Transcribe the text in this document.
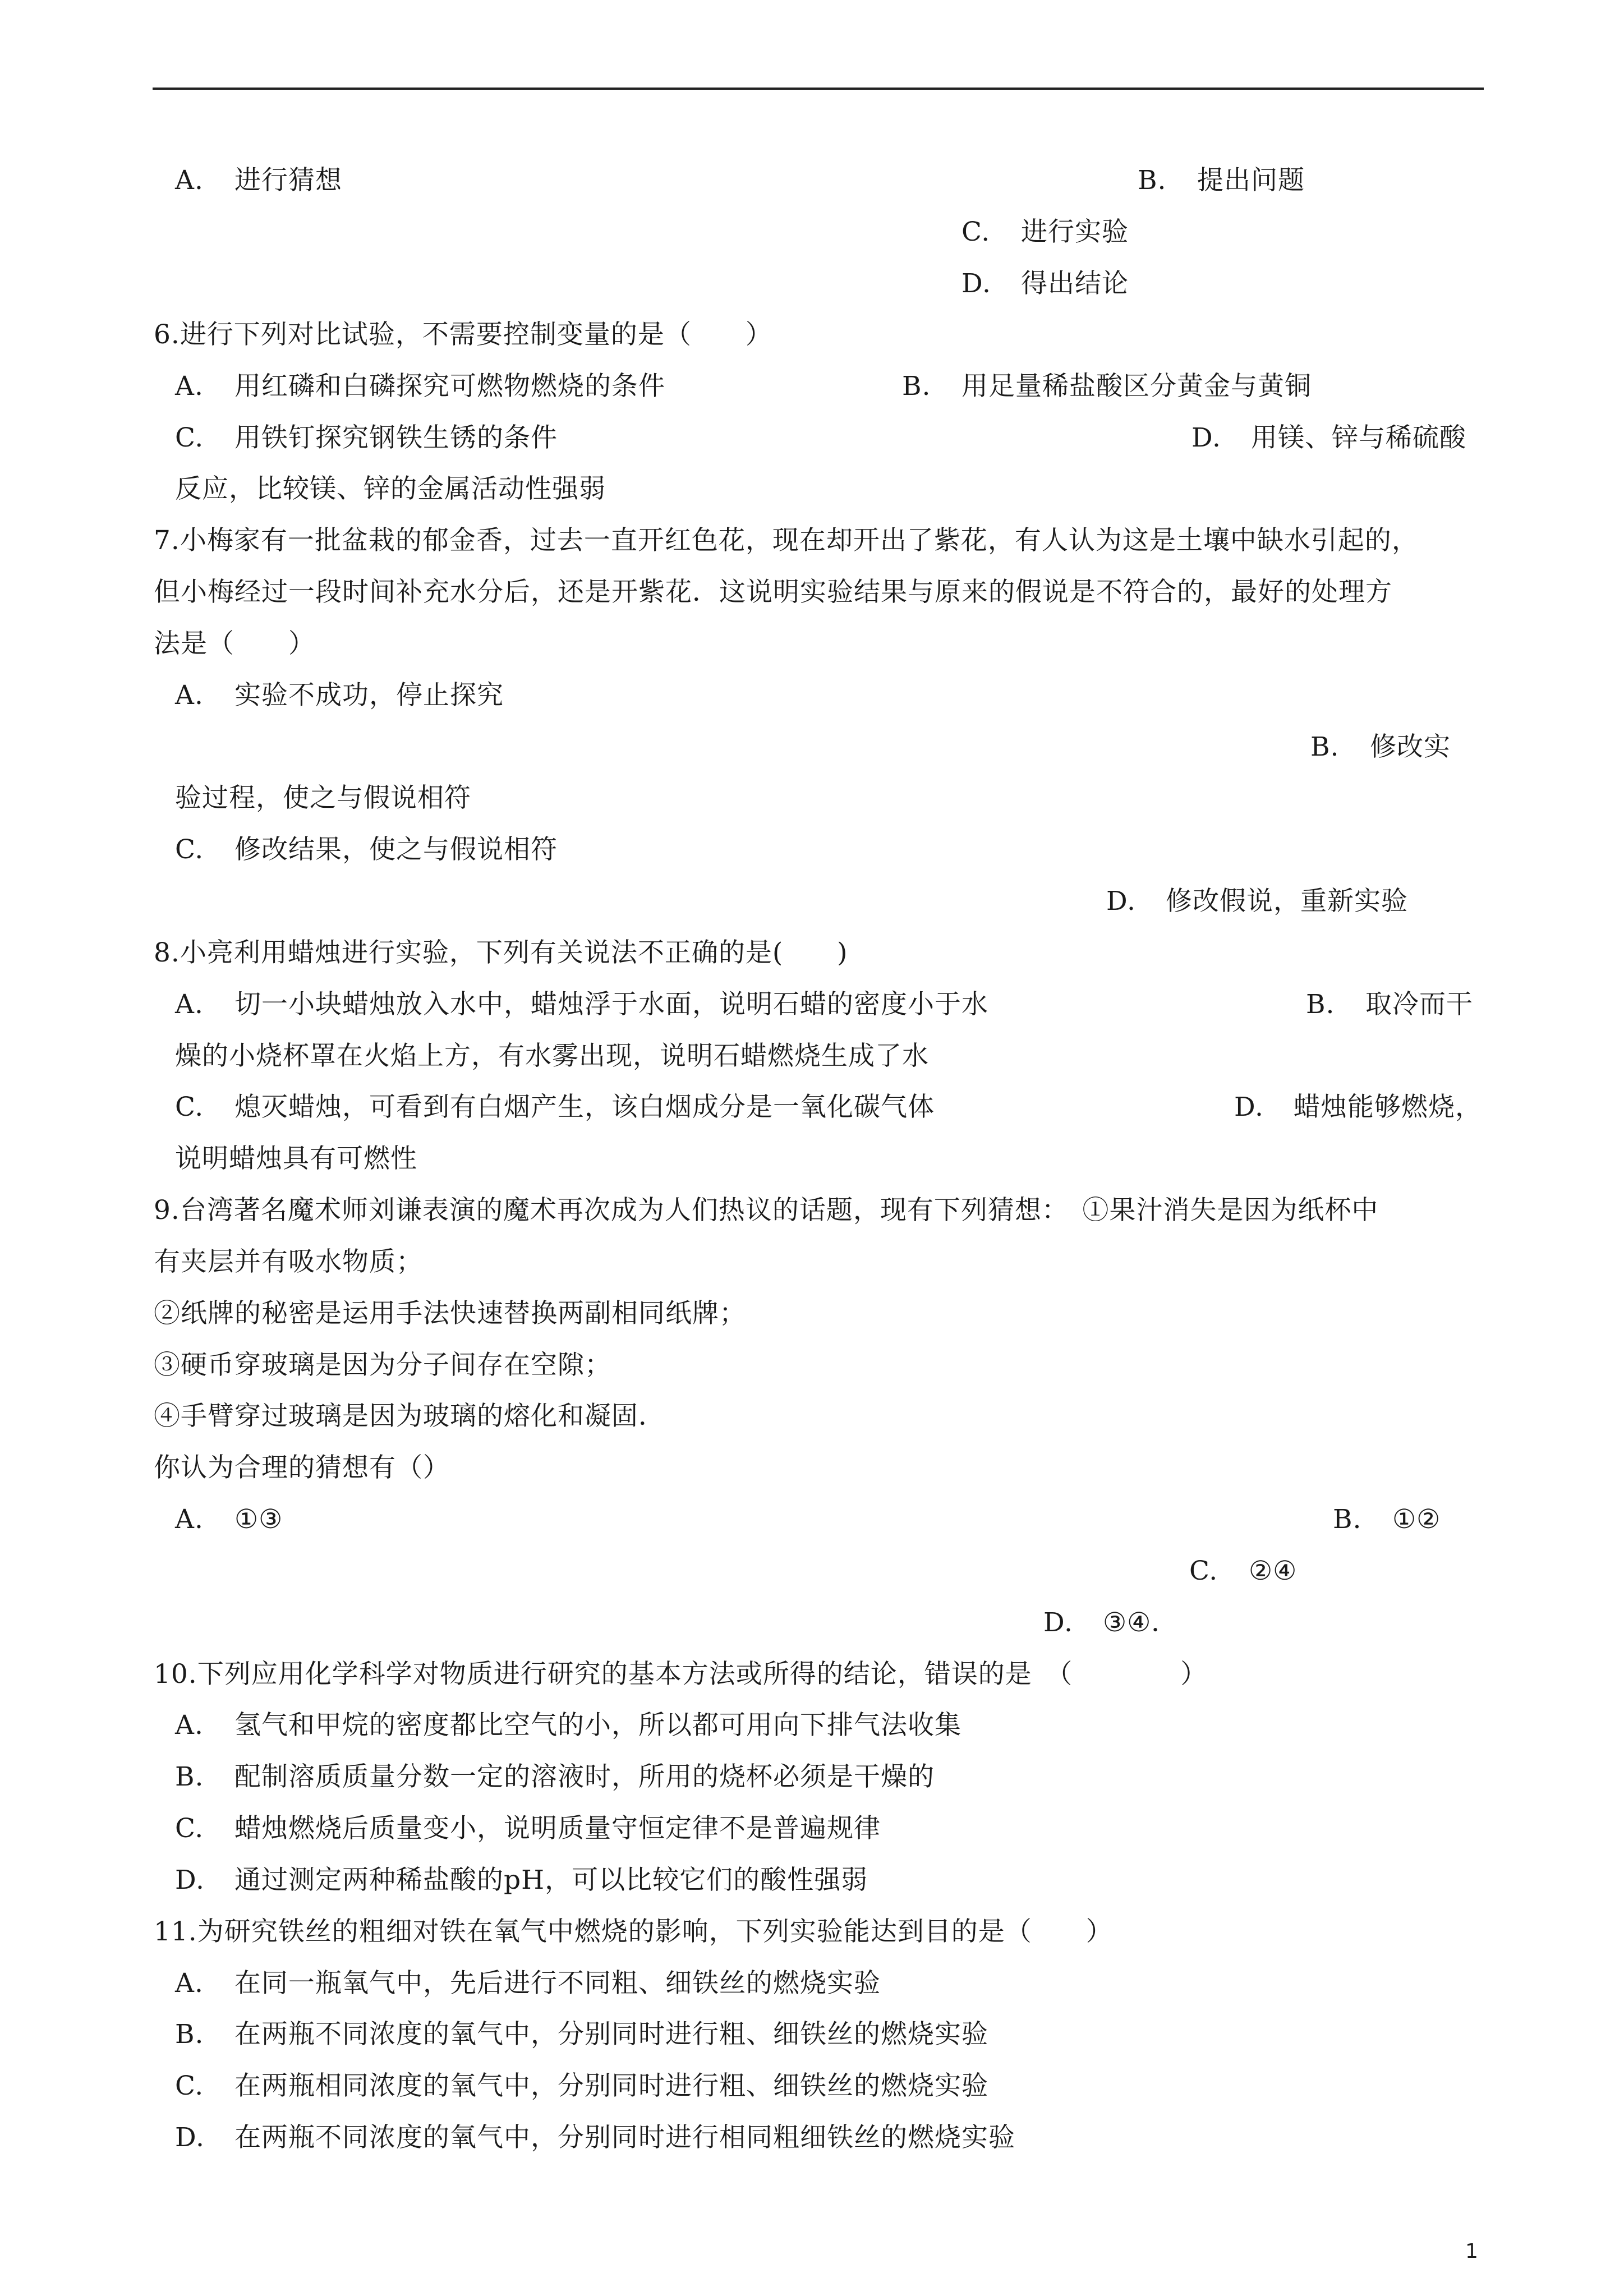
A. 进行猜想	B. 提出问题

C. 进行实验

D. 得出结论

6.进行下列对比试验，不需要控制变量的是（　　）

A. 用红磷和白磷探究可燃物燃烧的条件	B. 用足量稀盐酸区分黄金与黄铜

C. 用铁钉探究钢铁生锈的条件	D. 用镁、锌与稀硫酸

反应，比较镁、锌的金属活动性强弱

7.小梅家有一批盆栽的郁金香，过去一直开红色花，现在却开出了紫花，有人认为这是土壤中缺水引起的，

但小梅经过一段时间补充水分后，还是开紫花．这说明实验结果与原来的假说是不符合的，最好的处理方

法是（　　）

A. 实验不成功，停止探究

B. 修改实

验过程，使之与假说相符

C. 修改结果，使之与假说相符

D. 修改假说，重新实验

8.小亮利用蜡烛进行实验，下列有关说法不正确的是(　　)

A. 切一小块蜡烛放入水中，蜡烛浮于水面，说明石蜡的密度小于水	B. 取冷而干

燥的小烧杯罩在火焰上方，有水雾出现，说明石蜡燃烧生成了水

C. 熄灭蜡烛，可看到有白烟产生，该白烟成分是一氧化碳气体	D. 蜡烛能够燃烧，

说明蜡烛具有可燃性

9.台湾著名魔术师刘谦表演的魔术再次成为人们热议的话题，现有下列猜想：　①果汁消失是因为纸杯中

有夹层并有吸水物质；

②纸牌的秘密是运用手法快速替换两副相同纸牌；

③硬币穿玻璃是因为分子间存在空隙；

④手臂穿过玻璃是因为玻璃的熔化和凝固．

你认为合理的猜想有（）

A. ①③	B. ①②

C. ②④

D. ③④．

10.下列应用化学科学对物质进行研究的基本方法或所得的结论，错误的是　（　　　　）

A. 氢气和甲烷的密度都比空气的小，所以都可用向下排气法收集

B. 配制溶质质量分数一定的溶液时，所用的烧杯必须是干燥的

C. 蜡烛燃烧后质量变小，说明质量守恒定律不是普遍规律

D. 通过测定两种稀盐酸的pH，可以比较它们的酸性强弱

11.为研究铁丝的粗细对铁在氧气中燃烧的影响，下列实验能达到目的是（　　）

A. 在同一瓶氧气中，先后进行不同粗、细铁丝的燃烧实验

B. 在两瓶不同浓度的氧气中，分别同时进行粗、细铁丝的燃烧实验

C. 在两瓶相同浓度的氧气中，分别同时进行粗、细铁丝的燃烧实验

D. 在两瓶不同浓度的氧气中，分别同时进行相同粗细铁丝的燃烧实验

1
